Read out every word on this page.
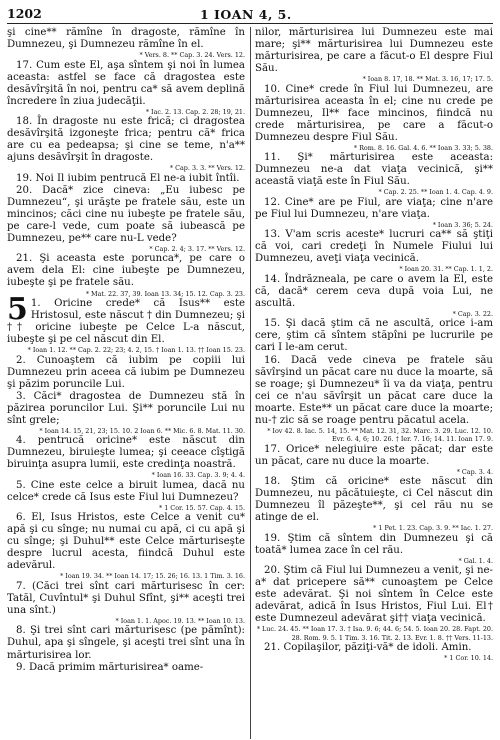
1202	1 IOAN 4, 5.

şi cine** rămîne în dragoste, rămîne în Dumnezeu, şi Dumnezeu rămîne în el.

* Vers. 8. ** Cap. 3. 24. Vers. 12.

17. Cum este El, aşa sîntem şi noi în lumea aceasta: astfel se face că dragostea este desăvîrşită în noi, pentru ca* să avem deplină încredere în ziua judecăţii.

* Iac. 2. 13. Cap. 2. 28; 19, 21.

18. În dragoste nu este frică; ci dragostea desăvîrşită izgoneşte frica; pentru că* frica are cu ea pedeapsa; şi cine se teme, n'a** ajuns desăvîrşit în dragoste.

* Cap. 3. 3. ** Vers. 12.

19. Noi Il iubim pentrucă El ne-a iubit întîi.

20. Dacă* zice cineva: „Eu iubesc pe Dumnezeu“, şi urăşte pe fratele său, este un mincinos; căci cine nu iubeşte pe fratele său, pe care-l vede, cum poate să iubească pe Dumnezeu, pe** care nu-L vede?

* Cap. 2. 4; 3. 17. ** Vers. 12.

21. Şi aceasta este porunca*, pe care o avem dela El: cine iubeşte pe Dumnezeu, iubeşte şi pe fratele său.

* Mat. 22. 37, 39. Ioan 13. 34; 15. 12. Cap. 3. 23.

5 1. Oricine crede* că Isus** este Hristosul, este născut † din Dumnezeu; şi †† oricine iubeşte pe Celce L-a născut, iubeşte şi pe cel născut din El.

* Ioan 1. 12. ** Cap. 2. 22; 23; 4. 2, 15. † Ioan 1. 13. †† Ioan 15. 23.

2. Cunoaştem că iubim pe copiii lui Dumnezeu prin aceea că iubim pe Dumnezeu şi păzim poruncile Lui.

3. Căci* dragostea de Dumnezeu stă în păzirea poruncilor Lui. Şi** poruncile Lui nu sînt grele;

* Ioan 14. 15, 21, 23; 15. 10. 2 Ioan 6. ** Mic. 6. 8. Mat. 11. 30.

4. pentrucă oricine* este născut din Dumnezeu, biruieşte lumea; şi ceeace cîştigă biruinţa asupra lumii, este credinţa noastră.

* Ioan 16. 33. Cap. 3. 9; 4. 4.

5. Cine este celce a biruit lumea, dacă nu celce* crede că Isus este Fiul lui Dumnezeu?

* 1 Cor. 15. 57. Cap. 4. 15.

6. El, Isus Hristos, este Celce a venit cu* apă şi cu sînge; nu numai cu apă, ci cu apă şi cu sînge; şi Duhul** este Celce mărturiseşte despre lucrul acesta, fiindcă Duhul este adevărul.

* Ioan 19. 34. ** Ioan 14. 17; 15. 26; 16. 13. 1 Tim. 3. 16.

7. (Căci trei sînt cari mărturisesc în cer: Tatăl, Cuvîntul* şi Duhul Sfînt, şi** aceşti trei una sînt.)

* Ioan 1. 1. Apoc. 19. 13. ** Ioan 10. 13.

8. Şi trei sînt cari mărturisesc (pe pămînt): Duhul, apa şi sîngele, şi aceşti trei sînt una în mărturisirea lor.

9. Dacă primim mărturisirea* oame-

nilor, mărturisirea lui Dumnezeu este mai mare; şi** mărturisirea lui Dumnezeu este mărturisirea, pe care a făcut-o El despre Fiul Său.

* Ioan 8. 17, 18. ** Mat. 3. 16, 17; 17. 5.

10. Cine* crede în Fiul lui Dumnezeu, are mărturisirea aceasta în el; cine nu crede pe Dumnezeu, Il** face mincinos, fiindcă nu crede mărturisirea, pe care a făcut-o Dumnezeu despre Fiul Său.

* Rom. 8. 16. Gal. 4. 6. ** Ioan 3. 33; 5. 38.

11. Şi* mărturisirea este aceasta: Dumnezeu ne-a dat viaţa vecinică, şi** această viaţă este în Fiul Său.

* Cap. 2. 25. ** Ioan 1. 4. Cap. 4. 9.

12. Cine* are pe Fiul, are viaţa; cine n'are pe Fiul lui Dumnezeu, n'are viaţa.

* Ioan 3. 36; 5. 24.

13. V'am scris aceste* lucruri ca** să ştiţi că voi, cari credeţi în Numele Fiului lui Dumnezeu, aveţi viaţa vecinică.

* Ioan 20. 31. ** Cap. 1. 1, 2.

14. Îndrăzneala, pe care o avem la El, este că, dacă* cerem ceva după voia Lui, ne ascultă.

* Cap. 3. 22.

15. Şi dacă ştim că ne ascultă, orice i-am cere, ştim că sîntem stăpîni pe lucrurile pe cari I le-am cerut.

16. Dacă vede cineva pe fratele său săvîrşind un păcat care nu duce la moarte, să se roage; şi Dumnezeu* îi va da viaţa, pentru cei ce n'au săvîrşit un păcat care duce la moarte. Este** un păcat care duce la moarte; nu-† zic să se roage pentru păcatul acela.

* Iov 42. 8. Iac. 5. 14, 15. ** Mat. 12. 31, 32. Marc. 3. 29. Luc. 12. 10. Evr. 6. 4, 6; 10. 26. † Ier. 7. 16; 14. 11. Ioan 17. 9.

17. Orice* nelegiuire este păcat; dar este un păcat, care nu duce la moarte.

* Cap. 3. 4.

18. Ştim că oricine* este născut din Dumnezeu, nu păcătuieşte, ci Cel născut din Dumnezeu îl păzeşte**, şi cel rău nu se atinge de el.

* 1 Pet. 1. 23. Cap. 3. 9. ** Iac. 1. 27.

19. Ştim că sîntem din Dumnezeu şi că toată* lumea zace în cel rău.

* Gal. 1. 4.

20. Ştim că Fiul lui Dumnezeu a venit, şi ne-a* dat pricepere să** cunoaştem pe Celce este adevărat. Şi noi sîntem în Celce este adevărat, adică în Isus Hristos, Fiul Lui. El† este Dumnezeul adevărat şi†† viaţa vecinică.

* Luc. 24. 45. ** Ioan 17. 3. † Isa. 9. 6; 44. 6; 54. 5. Ioan 20. 28. Fapt. 20. 28. Rom. 9. 5. 1 Tim. 3. 16. Tit. 2. 13. Evr. 1. 8. †† Vers. 11-13.

21. Copilaşilor, păziţi-vă* de idoli. Amin.

* 1 Cor. 10. 14.
